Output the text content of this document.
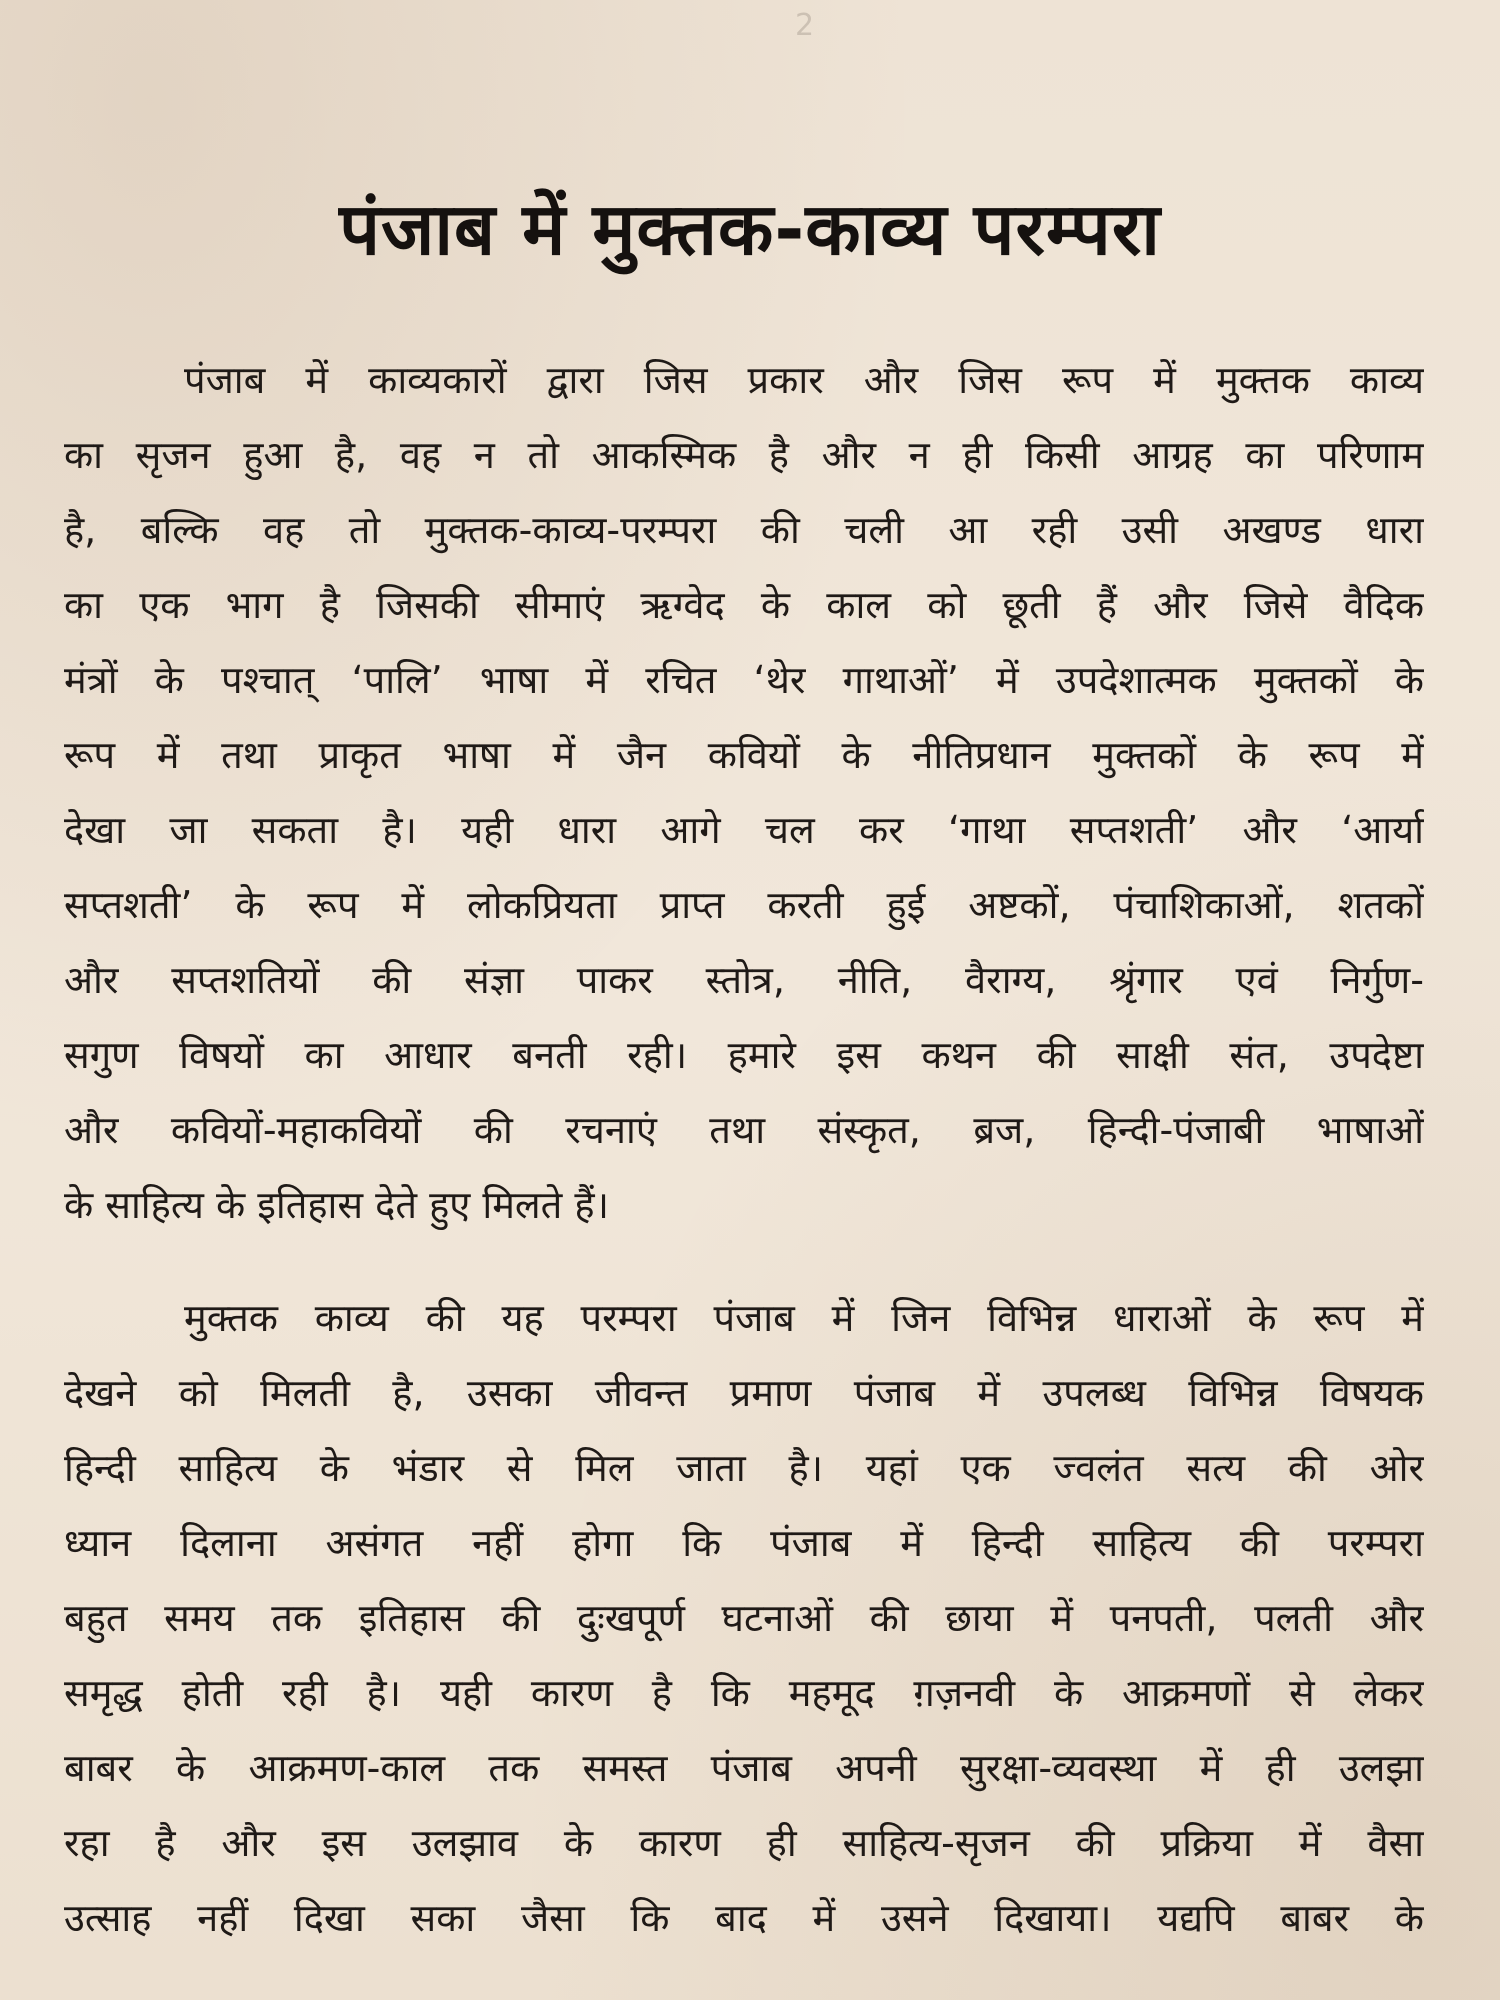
2
पंजाब में मुक्तक-काव्य परम्परा
पंजाब में काव्यकारों द्वारा जिस प्रकार और जिस रूप में मुक्तक काव्य
का सृजन हुआ है, वह न तो आकस्मिक है और न ही किसी आग्रह का परिणाम
है, बल्कि वह तो मुक्तक-काव्य-परम्परा की चली आ रही उसी अखण्ड धारा
का एक भाग है जिसकी सीमाएं ऋग्वेद के काल को छूती हैं और जिसे वैदिक
मंत्रों के पश्चात् ‘पालि’ भाषा में रचित ‘थेर गाथाओं’ में उपदेशात्मक मुक्तकों के
रूप में तथा प्राकृत भाषा में जैन कवियों के नीतिप्रधान मुक्तकों के रूप में
देखा जा सकता है। यही धारा आगे चल कर ‘गाथा सप्तशती’ और ‘आर्या
सप्तशती’ के रूप में लोकप्रियता प्राप्त करती हुई अष्टकों, पंचाशिकाओं, शतकों
और सप्तशतियों की संज्ञा पाकर स्तोत्र, नीति, वैराग्य, श्रृंगार एवं निर्गुण-
सगुण विषयों का आधार बनती रही। हमारे इस कथन की साक्षी संत, उपदेष्टा
और कवियों-महाकवियों की रचनाएं तथा संस्कृत, ब्रज, हिन्दी-पंजाबी भाषाओं
के साहित्य के इतिहास देते हुए मिलते हैं।
मुक्तक काव्य की यह परम्परा पंजाब में जिन विभिन्न धाराओं के रूप में
देखने को मिलती है, उसका जीवन्त प्रमाण पंजाब में उपलब्ध विभिन्न विषयक
हिन्दी साहित्य के भंडार से मिल जाता है। यहां एक ज्वलंत सत्य की ओर
ध्यान दिलाना असंगत नहीं होगा कि पंजाब में हिन्दी साहित्य की परम्परा
बहुत समय तक इतिहास की दुःखपूर्ण घटनाओं की छाया में पनपती, पलती और
समृद्ध होती रही है। यही कारण है कि महमूद ग़ज़नवी के आक्रमणों से लेकर
बाबर के आक्रमण-काल तक समस्त पंजाब अपनी सुरक्षा-व्यवस्था में ही उलझा
रहा है और इस उलझाव के कारण ही साहित्य-सृजन की प्रक्रिया में वैसा
उत्साह नहीं दिखा सका जैसा कि बाद में उसने दिखाया। यद्यपि बाबर के
